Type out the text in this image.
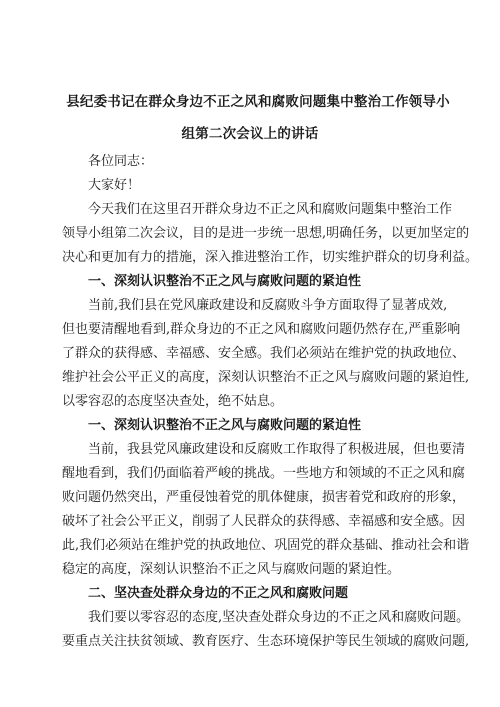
县纪委书记在群众身边不正之风和腐败问题集中整治工作领导小
组第二次会议上的讲话
各位同志：
大家好！
今天我们在这里召开群众身边不正之风和腐败问题集中整治工作
领导小组第二次会议，目的是进一步统一思想,明确任务，以更加坚定的
决心和更加有力的措施，深入推进整治工作，切实维护群众的切身利益。
一、深刻认识整治不正之风与腐败问题的紧迫性
当前,我们县在党风廉政建设和反腐败斗争方面取得了显著成效,
但也要清醒地看到,群众身边的不正之风和腐败问题仍然存在,严重影响
了群众的获得感、幸福感、安全感。我们必须站在维护党的执政地位、
维护社会公平正义的高度，深刻认识整治不正之风与腐败问题的紧迫性,
以零容忍的态度坚决查处，绝不姑息。
一、深刻认识整治不正之风与腐败问题的紧迫性
当前，我县党风廉政建设和反腐败工作取得了积极进展，但也要清
醒地看到，我们仍面临着严峻的挑战。一些地方和领域的不正之风和腐
败问题仍然突出，严重侵蚀着党的肌体健康，损害着党和政府的形象，
破坏了社会公平正义，削弱了人民群众的获得感、幸福感和安全感。因
此,我们必须站在维护党的执政地位、巩固党的群众基础、推动社会和谐
稳定的高度，深刻认识整治不正之风与腐败问题的紧迫性。
二、坚决查处群众身边的不正之风和腐败问题
我们要以零容忍的态度,坚决查处群众身边的不正之风和腐败问题。
要重点关注扶贫领域、教育医疗、生态环境保护等民生领域的腐败问题,
